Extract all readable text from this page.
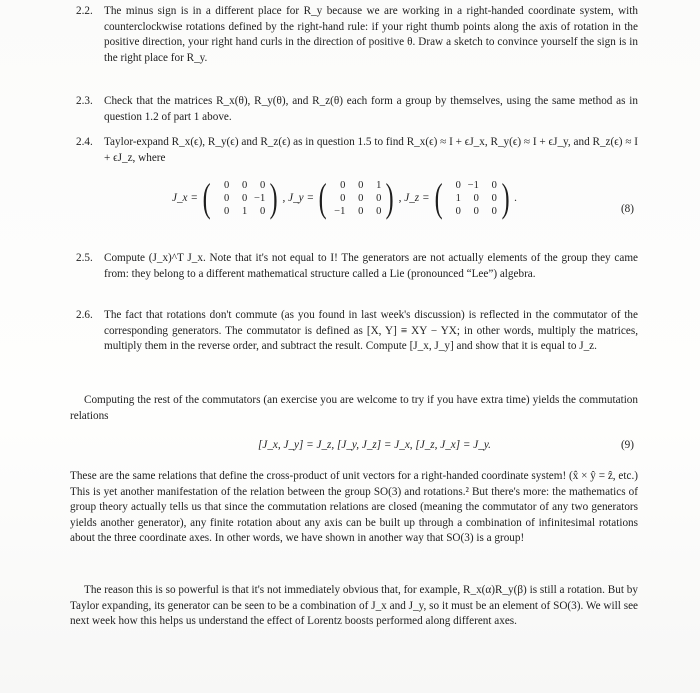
2.2. The minus sign is in a different place for R_y because we are working in a right-handed coordinate system, with counterclockwise rotations defined by the right-hand rule: if your right thumb points along the axis of rotation in the positive direction, your right hand curls in the direction of positive θ. Draw a sketch to convince yourself the sign is in the right place for R_y.
2.3. Check that the matrices R_x(θ), R_y(θ), and R_z(θ) each form a group by themselves, using the same method as in question 1.2 of part 1 above.
2.4. Taylor-expand R_x(ϵ), R_y(ϵ) and R_z(ϵ) as in question 1.5 to find R_x(ϵ) ≈ I + ϵJ_x, R_y(ϵ) ≈ I + ϵJ_y, and R_z(ϵ) ≈ I + ϵJ_z, where
J_x = (	0	0	0
0	0 −1
0	1	0 ) , J_y = (	0	0	1
0	0	0
−1	0	0 ) , J_z = (	0 −1	0
1	0	0
0	0	0 ) .
(8)
2.5. Compute (J_x)^T J_x. Note that it's not equal to I! The generators are not actually elements of the group they came from: they belong to a different mathematical structure called a Lie (pronounced “Lee”) algebra.
2.6. The fact that rotations don't commute (as you found in last week's discussion) is reflected in the commutator of the corresponding generators. The commutator is defined as [X, Y] ≡ XY − YX; in other words, multiply the matrices, multiply them in the reverse order, and subtract the result. Compute [J_x, J_y] and show that it is equal to J_z.
Computing the rest of the commutators (an exercise you are welcome to try if you have extra time) yields the commutation relations
[J_x, J_y] = J_z, [J_y, J_z] = J_x, [J_z, J_x] = J_y.	(9)
These are the same relations that define the cross-product of unit vectors for a right-handed coordinate system! (x̂ × ŷ = ẑ, etc.) This is yet another manifestation of the relation between the group SO(3) and rotations.² But there's more: the mathematics of group theory actually tells us that since the commutation relations are closed (meaning the commutator of any two generators yields another generator), any finite rotation about any axis can be built up through a combination of infinitesimal rotations about the three coordinate axes. In other words, we have shown in another way that SO(3) is a group!
The reason this is so powerful is that it's not immediately obvious that, for example, R_x(α)R_y(β) is still a rotation. But by Taylor expanding, its generator can be seen to be a combination of J_x and J_y, so it must be an element of SO(3). We will see next week how this helps us understand the effect of Lorentz boosts performed along different axes.
